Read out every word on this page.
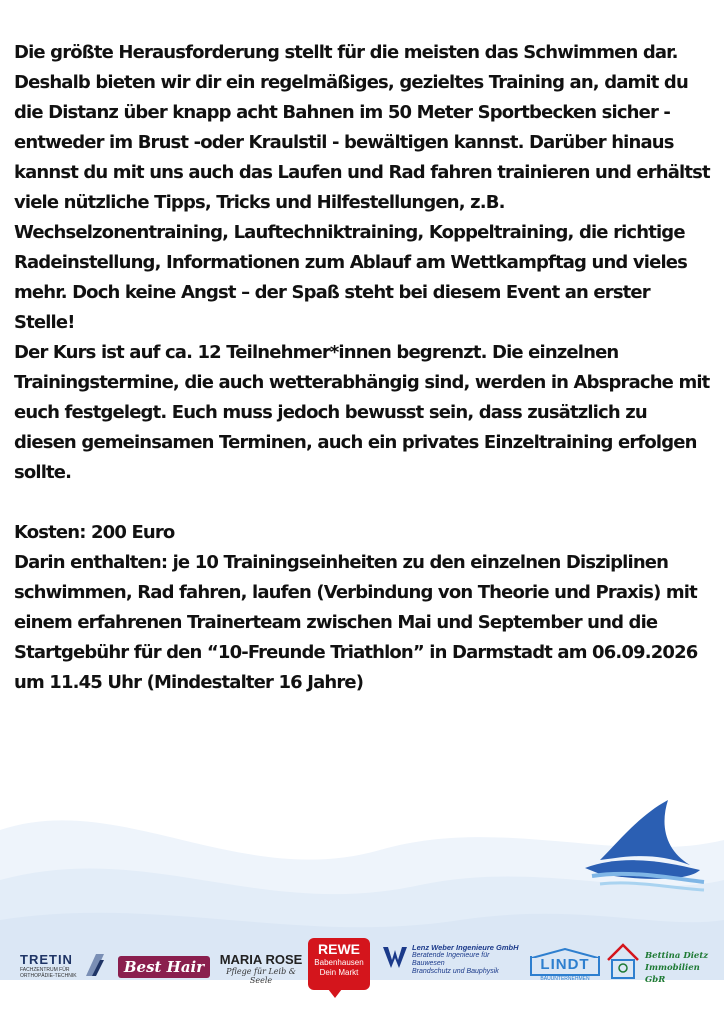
Die größte Herausforderung stellt für die meisten das Schwimmen dar. Deshalb bieten wir dir ein regelmäßiges, gezieltes Training an, damit du die Distanz über knapp acht Bahnen im 50 Meter Sportbecken sicher - entweder im Brust -oder Kraulstil - bewältigen kannst. Darüber hinaus kannst du mit uns auch das Laufen und Rad fahren trainieren und erhältst viele nützliche Tipps, Tricks und Hilfestellungen, z.B. Wechselzonentraining, Lauftechniktraining, Koppeltraining, die richtige Radeinstellung, Informationen zum Ablauf am Wettkampftag und vieles mehr. Doch keine Angst – der Spaß steht bei diesem Event an erster Stelle!

Der Kurs ist auf ca. 12 Teilnehmer*innen begrenzt. Die einzelnen Trainingstermine, die auch wetterabhängig sind, werden in Absprache mit euch festgelegt. Euch muss jedoch bewusst sein, dass zusätzlich zu diesen gemeinsamen Terminen, auch ein privates Einzeltraining erfolgen sollte.

Kosten: 200 Euro

Darin enthalten: je 10 Trainingseinheiten zu den einzelnen Disziplinen schwimmen, Rad fahren, laufen (Verbindung von Theorie und Praxis) mit einem erfahrenen Trainerteam zwischen Mai und September und die Startgebühr für den “10-Freunde Triathlon” in Darmstadt am 06.09.2026 um 11.45 Uhr (Mindestalter 16 Jahre)

TRETIN
FACHZENTRUM FÜR ORTHOPÄDIE-TECHNIK	Best Hair	MARIA ROSE
Pflege für Leib & Seele
REWE
Babenhausen
Dein Markt
Lenz Weber Ingenieure GmbH
Beratende Ingenieure für Bauwesen
Brandschutz und Bauphysik	LINDT
BAUUNTERNEHMEN
Bettina Dietz
Immobilien GbR
